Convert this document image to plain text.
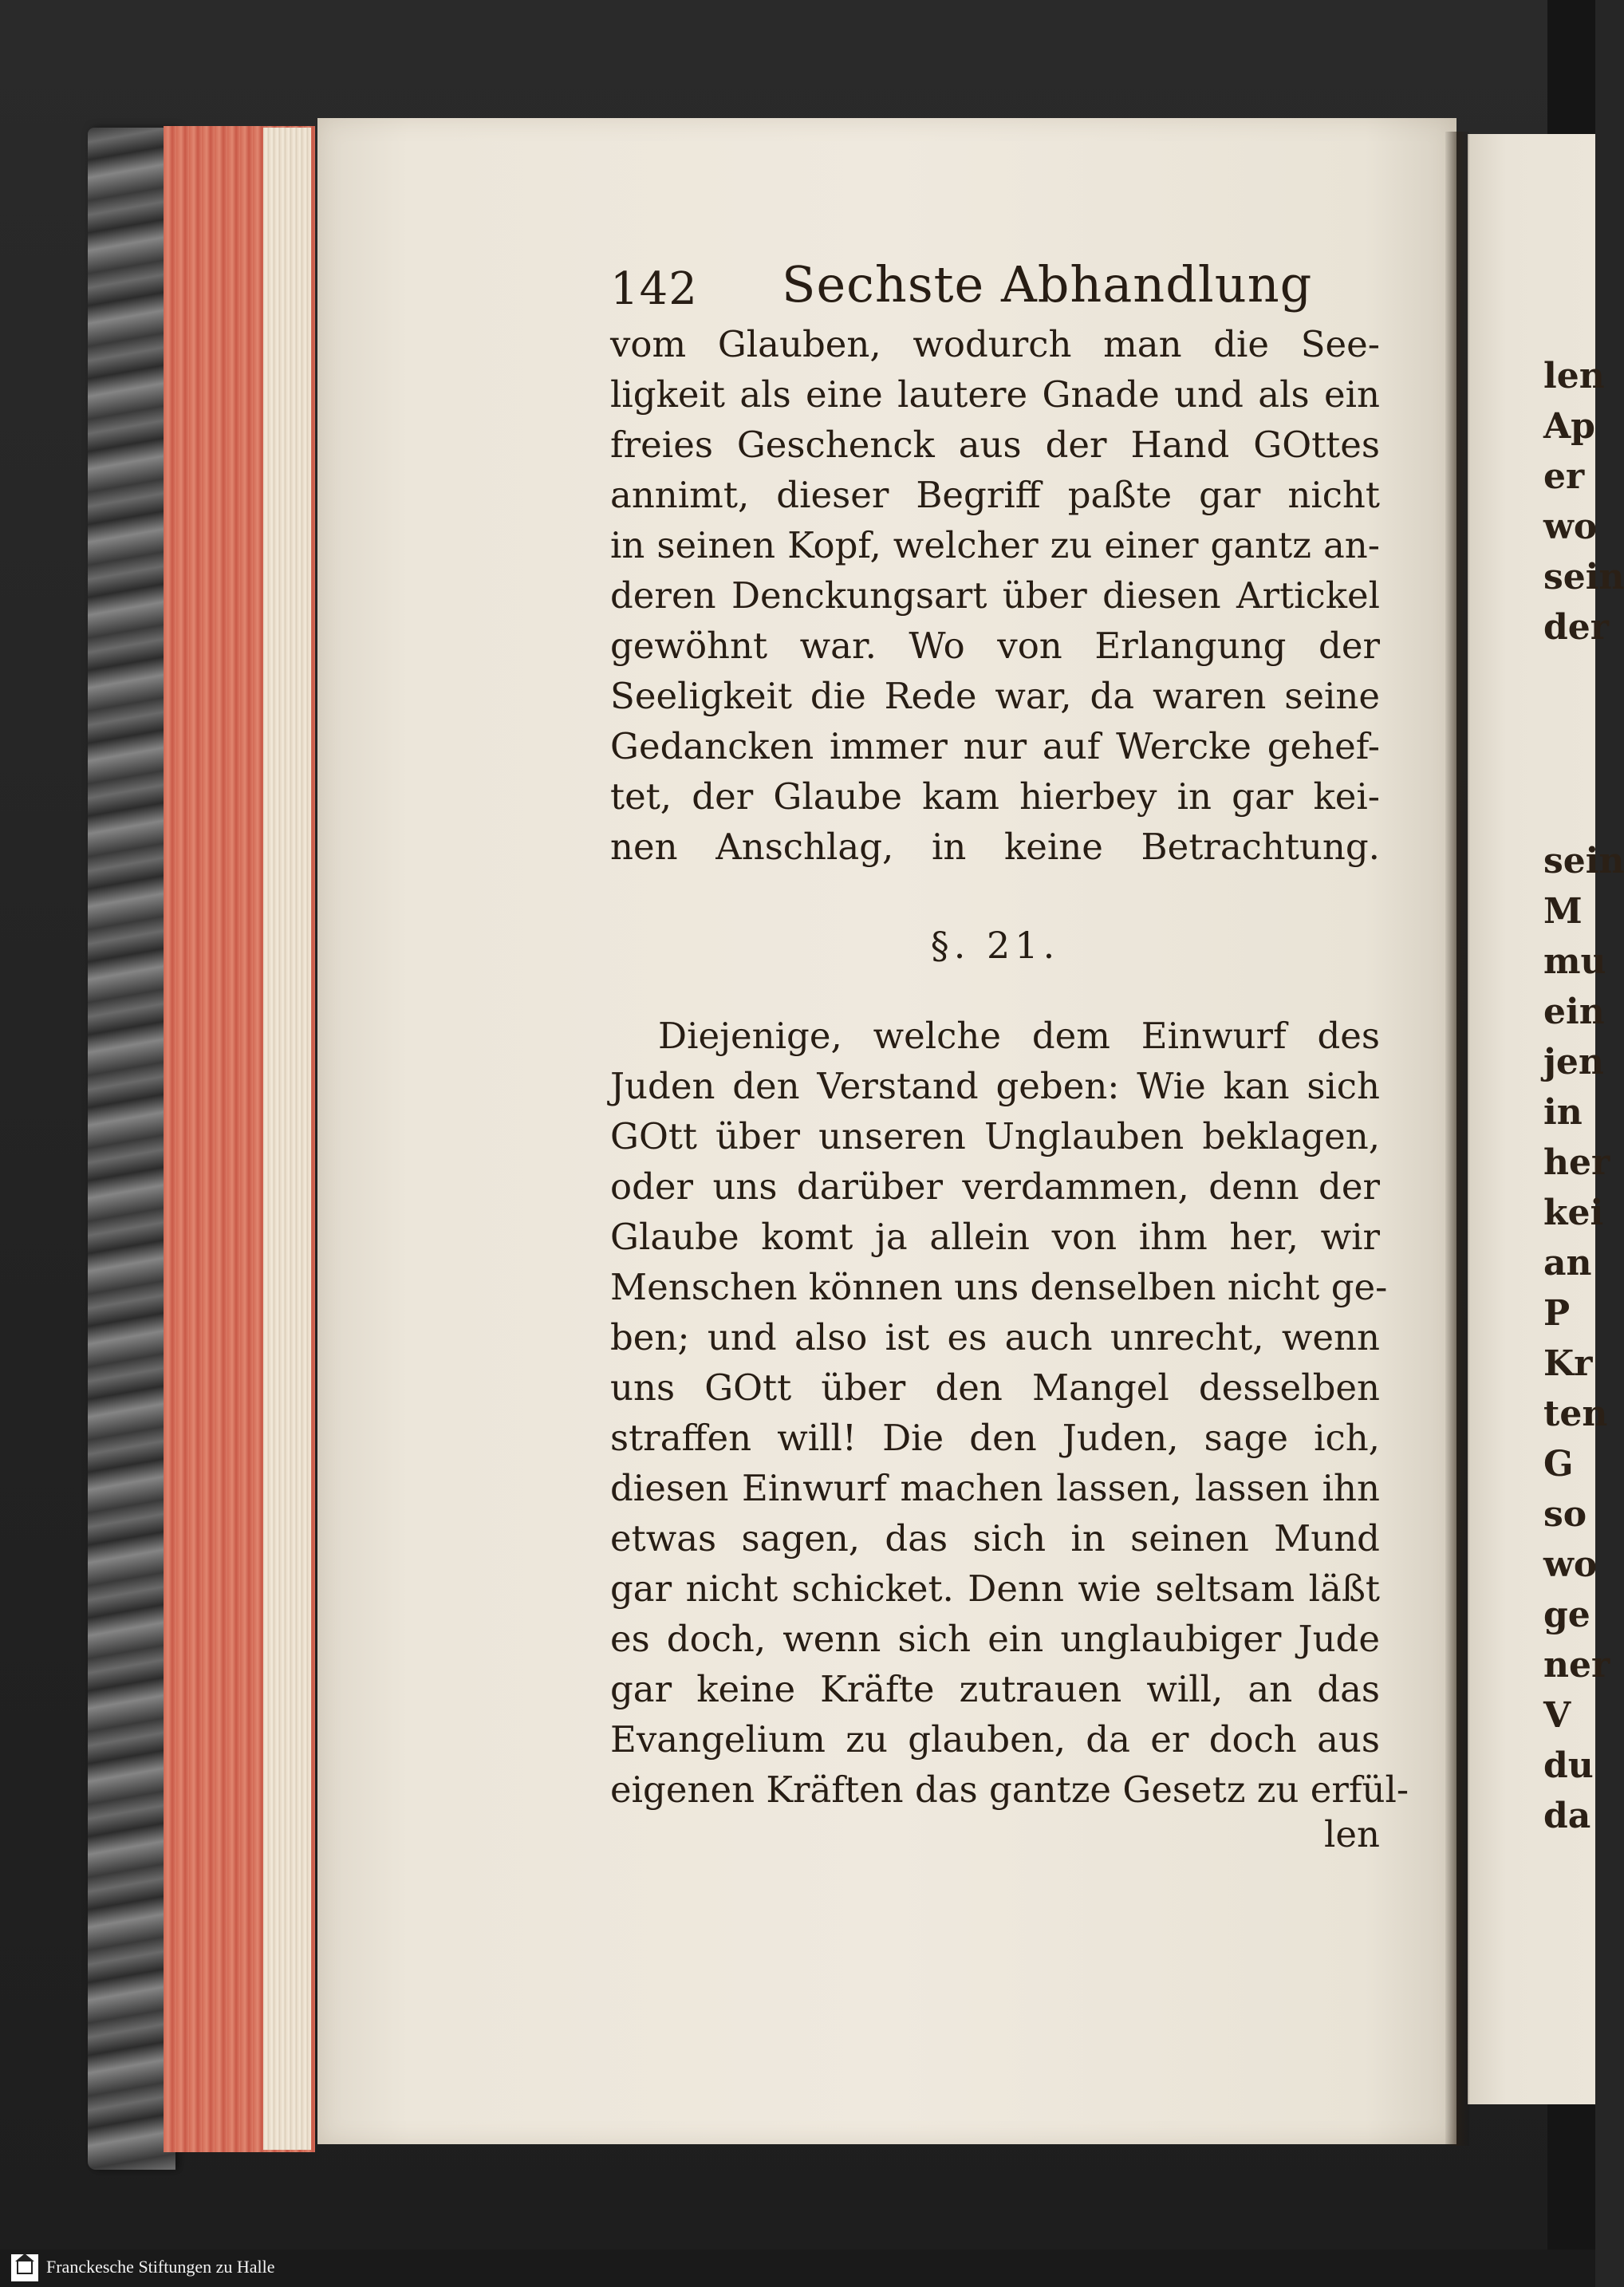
len
Ap
er
wo
sein
der
sein
M
mu
ein
jen
in
her
kei
an
P
Kr
ten
G
so
wo
ge
ner
V
du
da
142 Sechste Abhandlung
vom Glauben, wodurch man die See-
ligkeit als eine lautere Gnade und als ein
freies Geschenck aus der Hand GOttes
annimt, dieser Begriff paßte gar nicht
in seinen Kopf, welcher zu einer gantz an-
deren Denckungsart über diesen Artickel
gewöhnt war. Wo von Erlangung der
Seeligkeit die Rede war, da waren seine
Gedancken immer nur auf Wercke gehef-
tet, der Glaube kam hierbey in gar kei-
nen Anschlag, in keine Betrachtung.
§. 21.
Diejenige, welche dem Einwurf des
Juden den Verstand geben: Wie kan sich
GOtt über unseren Unglauben beklagen,
oder uns darüber verdammen, denn der
Glaube komt ja allein von ihm her, wir
Menschen können uns denselben nicht ge-
ben; und also ist es auch unrecht, wenn
uns GOtt über den Mangel desselben
straffen will! Die den Juden, sage ich,
diesen Einwurf machen lassen, lassen ihn
etwas sagen, das sich in seinen Mund
gar nicht schicket. Denn wie seltsam läßt
es doch, wenn sich ein unglaubiger Jude
gar keine Kräfte zutrauen will, an das
Evangelium zu glauben, da er doch aus
eigenen Kräften das gantze Gesetz zu erfül-
len
Franckesche Stiftungen zu Halle
